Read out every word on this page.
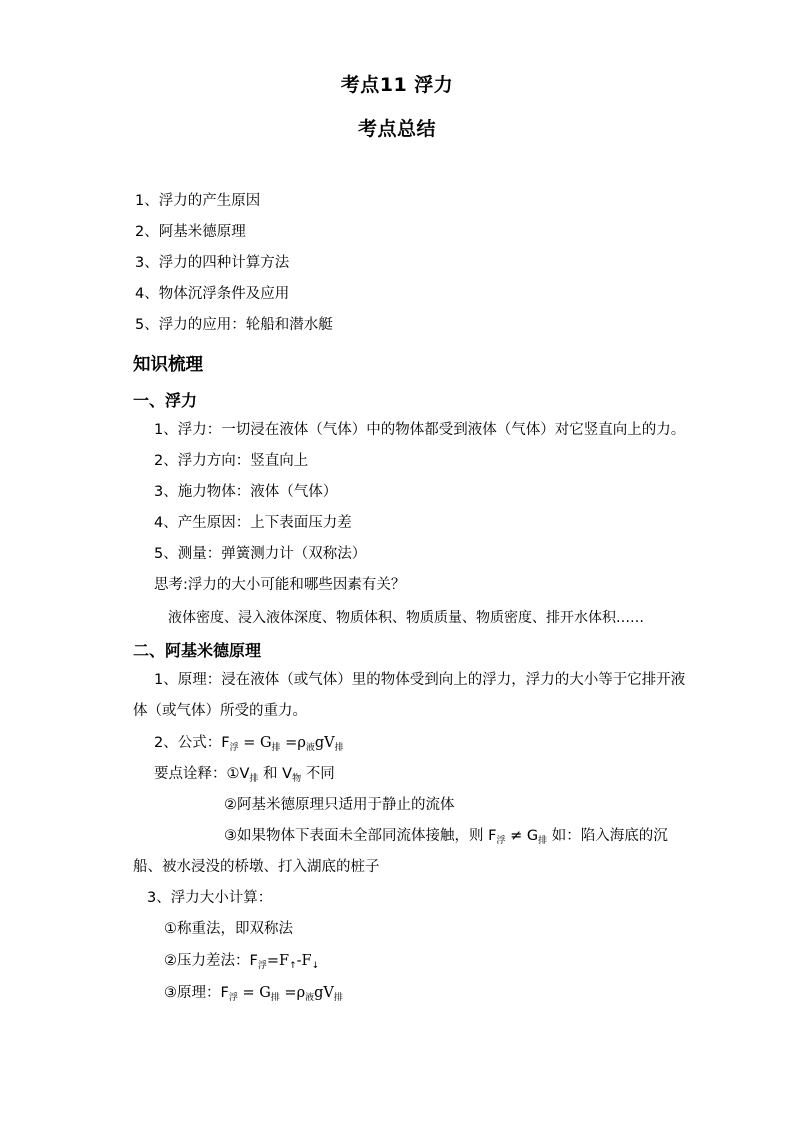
考点11 浮力
考点总结
1、浮力的产生原因
2、阿基米德原理
3、浮力的四种计算方法
4、物体沉浮条件及应用
5、浮力的应用：轮船和潜水艇
知识梳理
一、浮力
1、浮力：一切浸在液体（气体）中的物体都受到液体（气体）对它竖直向上的力。
2、浮力方向：竖直向上
3、施力物体：液体（气体）
4、产生原因：上下表面压力差
5、测量：弹簧测力计（双称法）
思考:浮力的大小可能和哪些因素有关？
液体密度、浸入液体深度、物质体积、物质质量、物质密度、排开水体积……
二、阿基米德原理
1、原理：浸在液体（或气体）里的物体受到向上的浮力，浮力的大小等于它排开液
体（或气体）所受的重力。
2、公式：$F_浮 = G_排 =\rho_液gV_排$
要点诠释：$①V_排$ 和 $V_物$ 不同
②阿基米德原理只适用于静止的流体
③如果物体下表面未全部同流体接触，则 $F_浮 \ne G_排$ 如：陷入海底的沉
船、被水浸没的桥墩、打入湖底的桩子
3、浮力大小计算：
①称重法，即双称法
②压力差法：$F_浮=F_↑-F_↓$
③原理：$F_浮 = G_排 =\rho_液gV_排$
